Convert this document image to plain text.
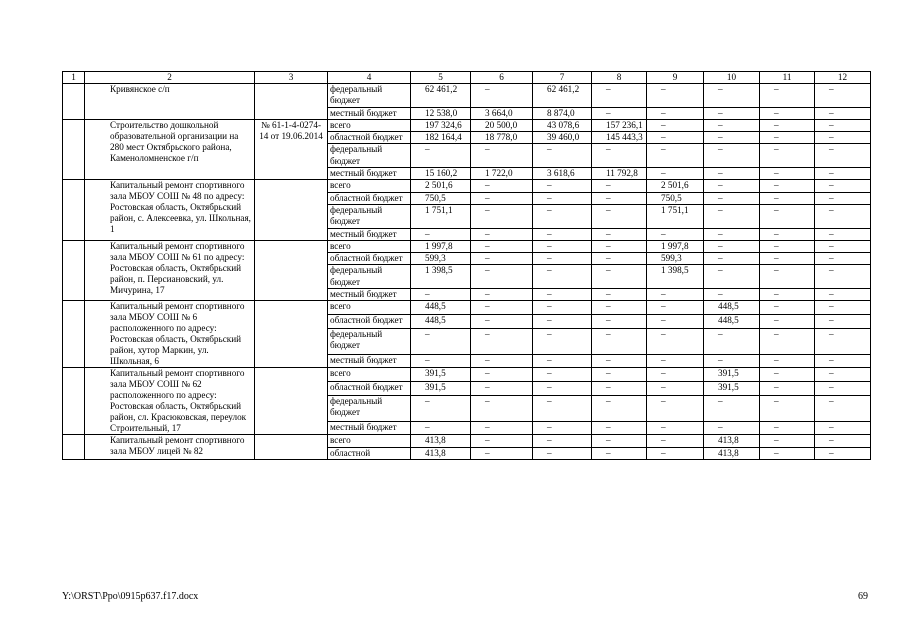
1	2	3	4	5	6	7	8	9	10	11	12
	Кривянское с/п		федеральный бюджет	62 461,2	–	62 461,2	–	–	–	–	–
			местный бюджет	12 538,0	3 664,0	8 874,0	–	–	–	–	–
	Строительство дошкольной образовательной организации на 280 мест Октябрьского района, Каменоломненское г/п	№ 61-1-4-0274-14 от 19.06.2014	всего	197 324,6	20 500,0	43 078,6	157 236,1	–	–	–	–
			областной бюджет	182 164,4	18 778,0	39 460,0	145 443,3	–	–	–	–
			федеральный бюджет	–	–	–	–	–	–	–	–
			местный бюджет	15 160,2	1 722,0	3 618,6	11 792,8	–	–	–	–
	Капитальный ремонт спортивного зала МБОУ СОШ № 48 по адресу: Ростовская область, Октябрьский район, с. Алексеевка, ул. Школьная, 1		всего	2 501,6	–	–	–	2 501,6	–	–	–
			областной бюджет	750,5	–	–	–	750,5	–	–	–
			федеральный бюджет	1 751,1	–	–	–	1 751,1	–	–	–
			местный бюджет	–	–	–	–	–	–	–	–
	Капитальный ремонт спортивного зала МБОУ СОШ № 61 по адресу: Ростовская область, Октябрьский район, п. Персиановский, ул. Мичурина, 17		всего	1 997,8	–	–	–	1 997,8	–	–	–
			областной бюджет	599,3	–	–	–	599,3	–	–	–
			федеральный бюджет	1 398,5	–	–	–	1 398,5	–	–	–
			местный бюджет	–	–	–	–	–	–	–	–
	Капитальный ремонт спортивного зала МБОУ СОШ № 6 расположенного по адресу: Ростовская область, Октябрьский район, хутор Маркин, ул. Школьная, 6		всего	448,5	–	–	–	–	448,5	–	–
			областной бюджет	448,5	–	–	–	–	448,5	–	–
			федеральный бюджет	–	–	–	–	–	–	–	–
			местный бюджет	–	–	–	–	–	–	–	–
	Капитальный ремонт спортивного зала МБОУ СОШ № 62 расположенного по адресу: Ростовская область, Октябрьский район, сл. Красюковская, переулок Строительный, 17		всего	391,5	–	–	–	–	391,5	–	–
			областной бюджет	391,5	–	–	–	–	391,5	–	–
			федеральный бюджет	–	–	–	–	–	–	–	–
			местный бюджет	–	–	–	–	–	–	–	–
	Капитальный ремонт спортивного зала МБОУ лицей № 82		всего	413,8	–	–	–	–	413,8	–	–
			областной	413,8	–	–	–	–	413,8	–	–
Y:\ORST\Ppo\0915p637.f17.docx	69
